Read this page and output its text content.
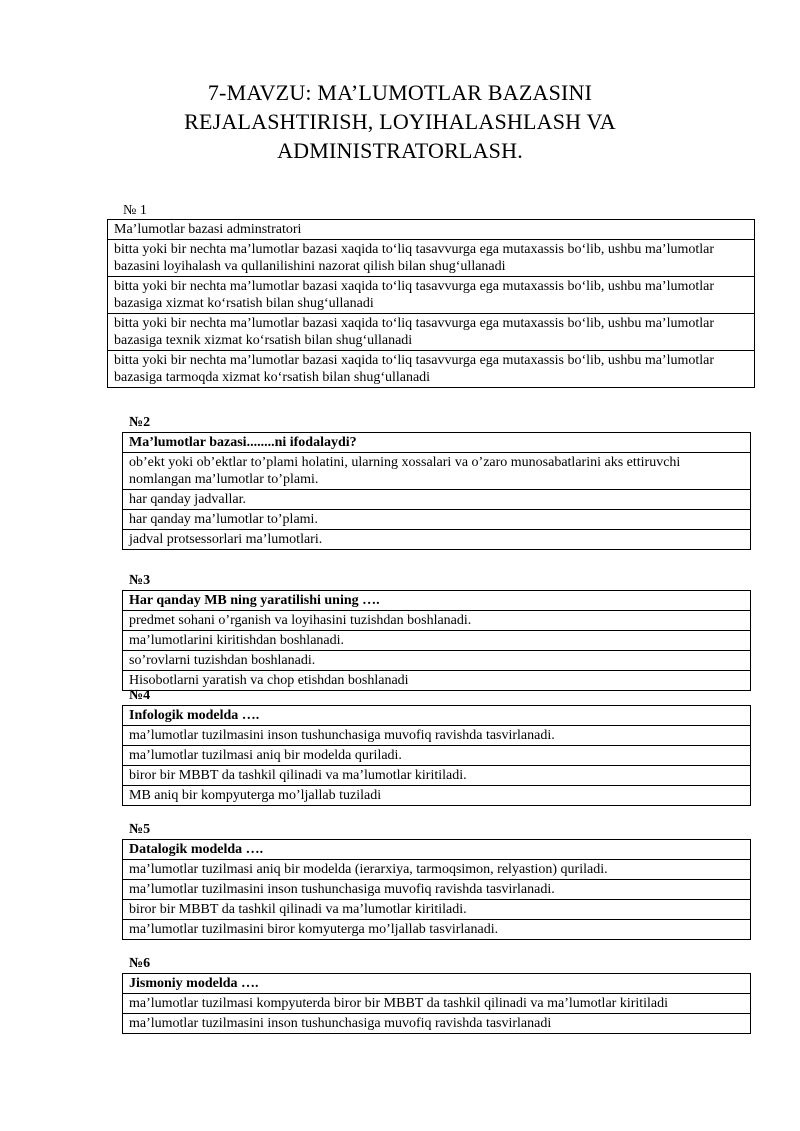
7-MAVZU: MA’LUMOTLAR BAZASINI
REJALASHTIRISH, LOYIHALASHLASH VA
ADMINISTRATORLASH.
№ 1
Ma’lumotlar bazasi adminstratori
bitta yoki bir nechta ma’lumotlar bazasi xaqida to‘liq tasavvurga ega mutaxassis bo‘lib, ushbu ma’lumotlar bazasini loyihalash va qullanilishini nazorat qilish bilan shug‘ullanadi
bitta yoki bir nechta ma’lumotlar bazasi xaqida to‘liq tasavvurga ega mutaxassis bo‘lib, ushbu ma’lumotlar bazasiga xizmat ko‘rsatish bilan shug‘ullanadi
bitta yoki bir nechta ma’lumotlar bazasi xaqida to‘liq tasavvurga ega mutaxassis bo‘lib, ushbu ma’lumotlar bazasiga texnik xizmat ko‘rsatish bilan shug‘ullanadi
bitta yoki bir nechta ma’lumotlar bazasi xaqida to‘liq tasavvurga ega mutaxassis bo‘lib, ushbu ma’lumotlar bazasiga tarmoqda xizmat ko‘rsatish bilan shug‘ullanadi
№2
Ma’lumotlar bazasi........ni ifodalaydi?
ob’ekt yoki ob’ektlar to’plami holatini, ularning xossalari va o’zaro munosabatlarini aks ettiruvchi nomlangan ma’lumotlar to’plami.
har qanday jadvallar.
har qanday ma’lumotlar to’plami.
jadval protsessorlari ma’lumotlari.
№3
Har qanday MB ning yaratilishi uning ….
predmet sohani o’rganish va loyihasini tuzishdan boshlanadi.
ma’lumotlarini kiritishdan boshlanadi.
so’rovlarni tuzishdan boshlanadi.
Hisobotlarni yaratish va chop etishdan boshlanadi
№4
Infologik modelda ….
ma’lumotlar tuzilmasini inson tushunchasiga muvofiq ravishda tasvirlanadi.
ma’lumotlar tuzilmasi aniq bir modelda quriladi.
biror bir MBBT da tashkil qilinadi va ma’lumotlar kiritiladi.
MB aniq bir kompyuterga mo’ljallab tuziladi
№5
Datalogik modelda ….
ma’lumotlar tuzilmasi aniq bir modelda (ierarxiya, tarmoqsimon, relyastion) quriladi.
ma’lumotlar tuzilmasini inson tushunchasiga muvofiq ravishda tasvirlanadi.
biror bir MBBT da tashkil qilinadi va ma’lumotlar kiritiladi.
ma’lumotlar tuzilmasini biror komyuterga mo’ljallab tasvirlanadi.
№6
Jismoniy modelda ….
ma’lumotlar tuzilmasi kompyuterda biror bir MBBT da tashkil qilinadi va ma’lumotlar kiritiladi
ma’lumotlar tuzilmasini inson tushunchasiga muvofiq ravishda tasvirlanadi
